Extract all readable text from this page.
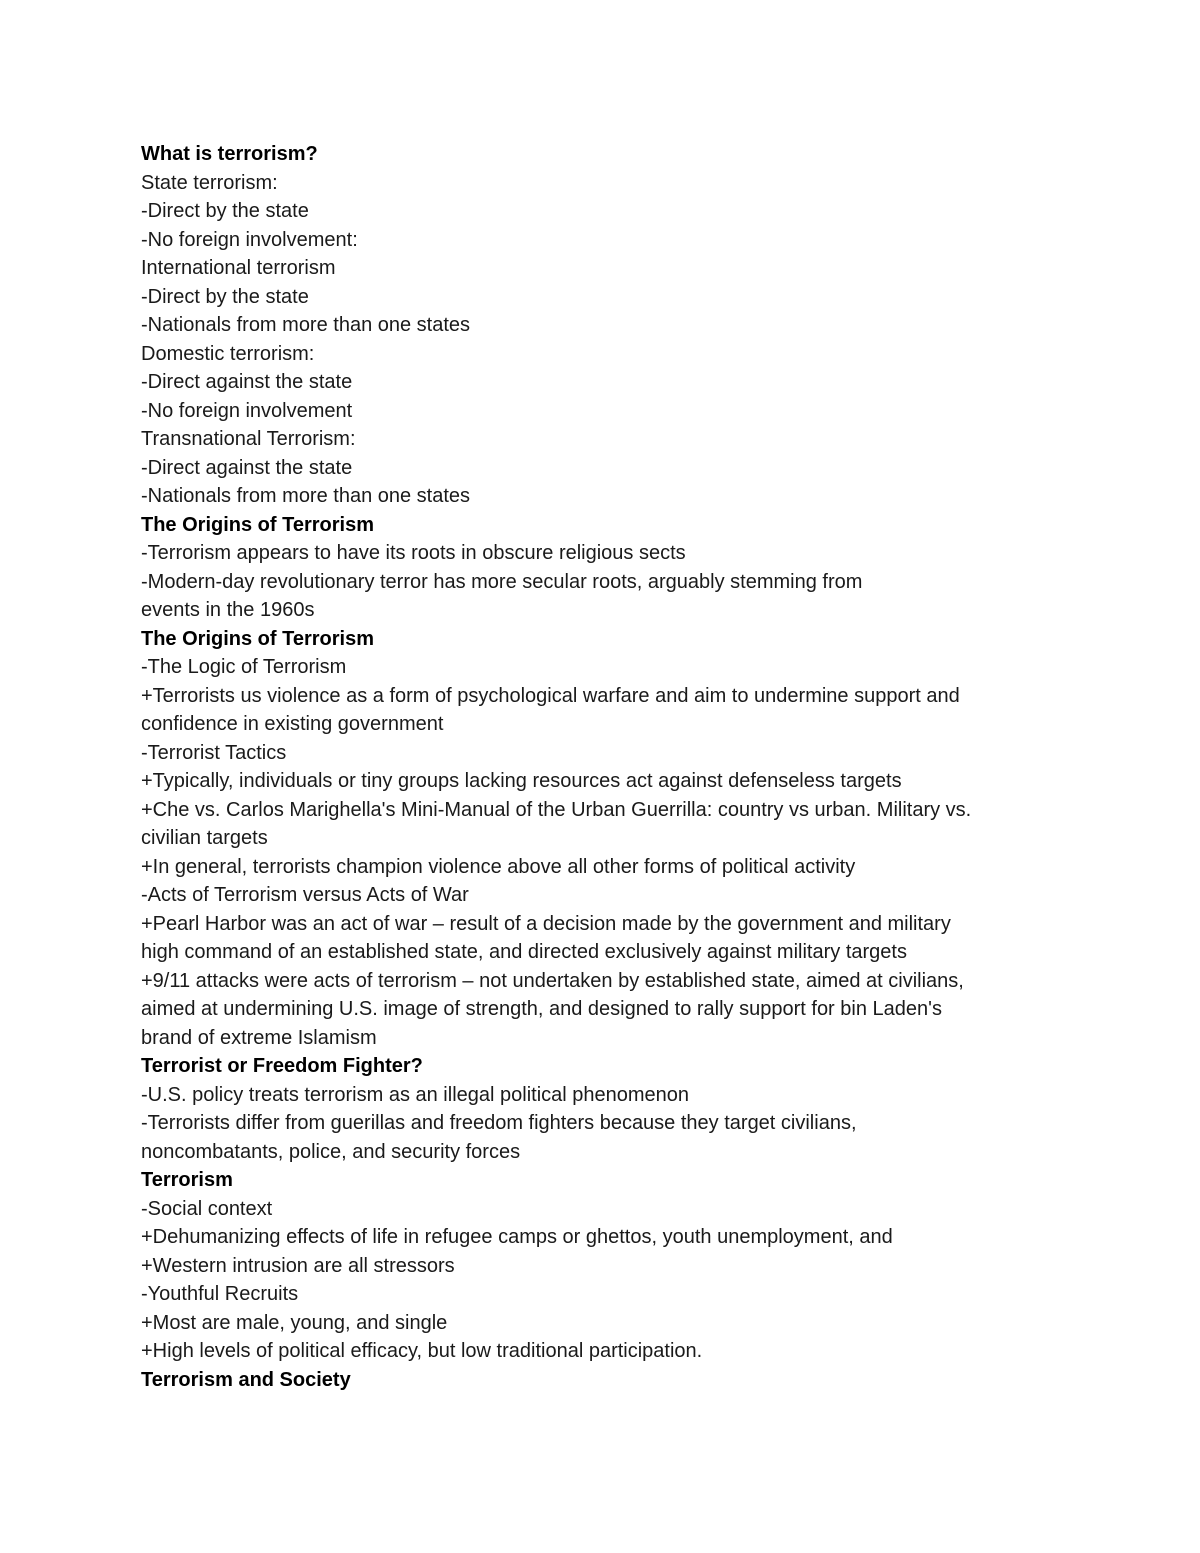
What is terrorism?

State terrorism:

-Direct by the state

-No foreign involvement:

International terrorism

-Direct by the state

-Nationals from more than one states

Domestic terrorism:

-Direct against the state

-No foreign involvement

Transnational Terrorism:

-Direct against the state

-Nationals from more than one states

The Origins of Terrorism

-Terrorism appears to have its roots in obscure religious sects

-Modern-day revolutionary terror has more secular roots, arguably stemming from

events in the 1960s

The Origins of Terrorism

-The Logic of Terrorism

+Terrorists us violence as a form of psychological warfare and aim to undermine support and

confidence in existing government

-Terrorist Tactics

+Typically, individuals or tiny groups lacking resources act against defenseless targets

+Che vs. Carlos Marighella's Mini-Manual of the Urban Guerrilla: country vs urban. Military vs.

civilian targets

+In general, terrorists champion violence above all other forms of political activity

-Acts of Terrorism versus Acts of War

+Pearl Harbor was an act of war – result of a decision made by the government and military

high command of an established state, and directed exclusively against military targets

+9/11 attacks were acts of terrorism – not undertaken by established state, aimed at civilians,

aimed at undermining U.S. image of strength, and designed to rally support for bin Laden's

brand of extreme Islamism

Terrorist or Freedom Fighter?

-U.S. policy treats terrorism as an illegal political phenomenon

-Terrorists differ from guerillas and freedom fighters because they target civilians,

noncombatants, police, and security forces

Terrorism

-Social context

+Dehumanizing effects of life in refugee camps or ghettos, youth unemployment, and

+Western intrusion are all stressors

-Youthful Recruits

+Most are male, young, and single

+High levels of political efficacy, but low traditional participation.

Terrorism and Society
